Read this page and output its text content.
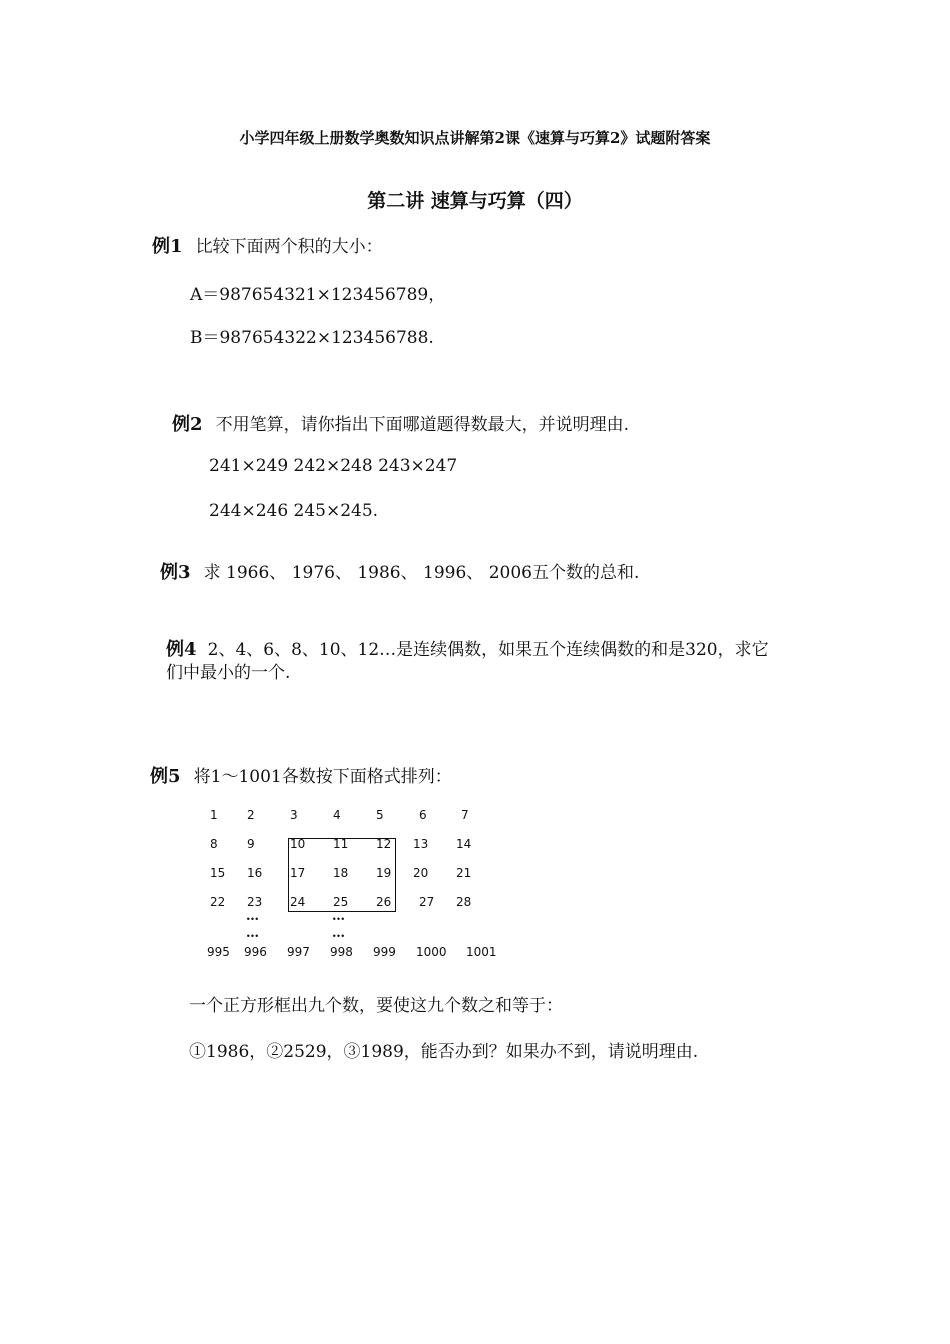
小学四年级上册数学奥数知识点讲解第2课《速算与巧算2》试题附答案
第二讲 速算与巧算（四）
例1 比较下面两个积的大小：
A＝987654321×123456789，
B＝987654322×123456788.
例2 不用笔算，请你指出下面哪道题得数最大，并说明理由.
241×249 242×248 243×247
244×246 245×245.
例3 求 1966、 1976、 1986、 1996、 2006五个数的总和.
例4 2、4、6、8、10、12…是连续偶数，如果五个连续偶数的和是320，求它
们中最小的一个.
例5 将1～1001各数按下面格式排列：
1 2	3	4	5	6	7
8 9	10 11 12 13 14
15 16 17 18 19 20 21
22 23 24 25 26 27 28
…	…
…	…
995 996 997 998 999 1000 1001
一个正方形框出九个数，要使这九个数之和等于：
①1986，②2529，③1989，能否办到？如果办不到，请说明理由.
